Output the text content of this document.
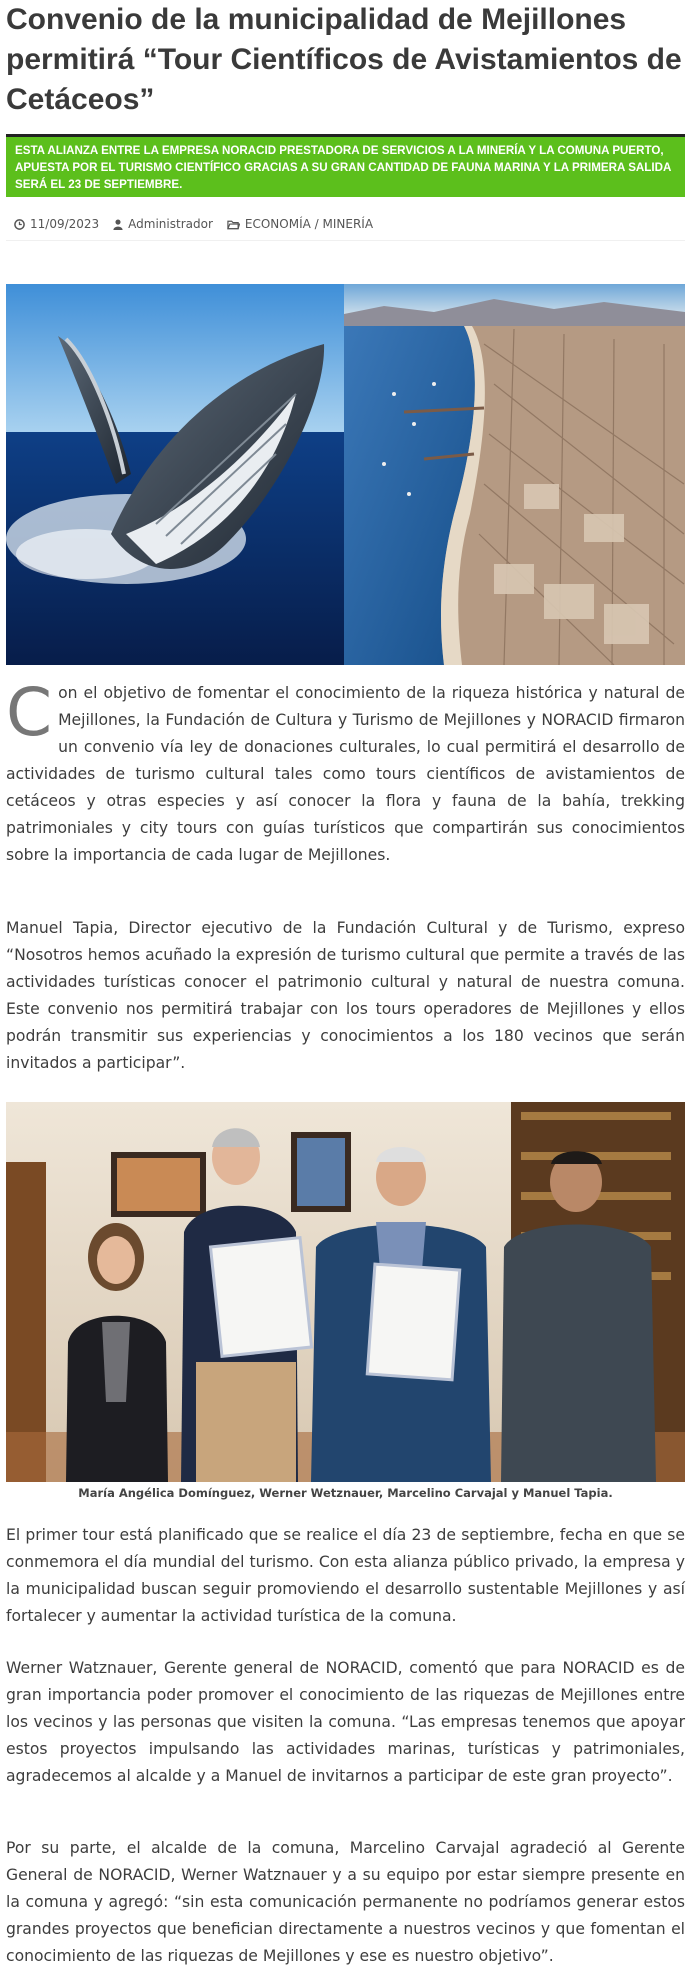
Convenio de la municipalidad de Mejillones permitirá “Tour Científicos de Avistamientos de Cetáceos”
ESTA ALIANZA ENTRE LA EMPRESA NORACID PRESTADORA DE SERVICIOS A LA MINERÍA Y LA COMUNA PUERTO, APUESTA POR EL TURISMO CIENTÍFICO GRACIAS A SU GRAN CANTIDAD DE FAUNA MARINA Y LA PRIMERA SALIDA SERÁ EL 23 DE SEPTIEMBRE.
11/09/2023 Administrador	ECONOMÍA / MINERÍA
Con el objetivo de fomentar el conocimiento de la riqueza histórica y natural de Mejillones, la Fundación de Cultura y Turismo de Mejillones y NORACID firmaron un convenio vía ley de donaciones culturales, lo cual permitirá el desarrollo de actividades de turismo cultural tales como tours científicos de avistamientos de cetáceos y otras especies y así conocer la flora y fauna de la bahía, trekking patrimoniales y city tours con guías turísticos que compartirán sus conocimientos sobre la importancia de cada lugar de Mejillones.
Manuel Tapia, Director ejecutivo de la Fundación Cultural y de Turismo, expreso “Nosotros hemos acuñado la expresión de turismo cultural que permite a través de las actividades turísticas conocer el patrimonio cultural y natural de nuestra comuna. Este convenio nos permitirá trabajar con los tours operadores de Mejillones y ellos podrán transmitir sus experiencias y conocimientos a los 180 vecinos que serán invitados a participar”.
María Angélica Domínguez, Werner Wetznauer, Marcelino Carvajal y Manuel Tapia.
El primer tour está planificado que se realice el día 23 de septiembre, fecha en que se conmemora el día mundial del turismo. Con esta alianza público privado, la empresa y la municipalidad buscan seguir promoviendo el desarrollo sustentable Mejillones y así fortalecer y aumentar la actividad turística de la comuna.
Werner Watznauer, Gerente general de NORACID, comentó que para NORACID es de gran importancia poder promover el conocimiento de las riquezas de Mejillones entre los vecinos y las personas que visiten la comuna. “Las empresas tenemos que apoyar estos proyectos impulsando las actividades marinas, turísticas y patrimoniales, agradecemos al alcalde y a Manuel de invitarnos a participar de este gran proyecto”.
Por su parte, el alcalde de la comuna, Marcelino Carvajal agradeció al Gerente General de NORACID, Werner Watznauer y a su equipo por estar siempre presente en la comuna y agregó: “sin esta comunicación permanente no podríamos generar estos grandes proyectos que benefician directamente a nuestros vecinos y que fomentan el conocimiento de las riquezas de Mejillones y ese es nuestro objetivo”.
